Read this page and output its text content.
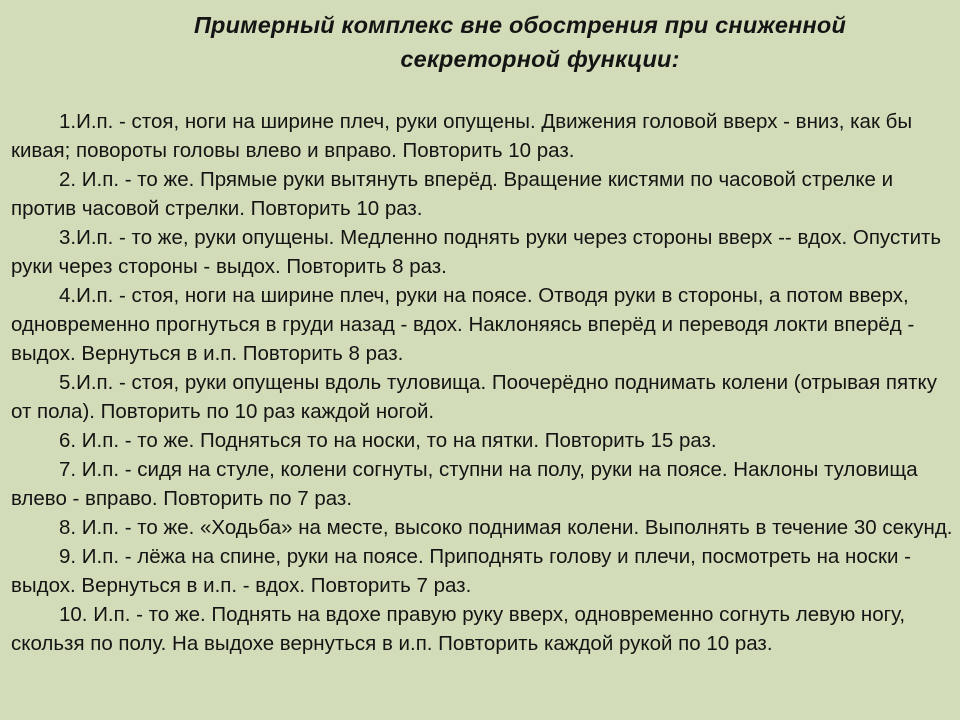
Примерный комплекс вне обострения при сниженной
секреторной функции:

1.И.п. - стоя, ноги на ширине плеч, руки опущены. Движения головой вверх - вниз, как бы кивая; повороты головы влево и вправо. Повторить 10 раз.

2. И.п. - то же. Прямые руки вытянуть вперёд. Вращение кистями по часовой стрелке и против часовой стрелки. Повторить 10 раз.

3.И.п. - то же, руки опущены. Медленно поднять руки через стороны вверх -- вдох. Опустить руки через стороны - выдох. Повторить 8 раз.

4.И.п. - стоя, ноги на ширине плеч, руки на поясе. Отводя руки в стороны, а потом вверх, одновременно прогнуться в груди назад - вдох. Наклоняясь вперёд и переводя локти вперёд - выдох. Вернуться в и.п. Повторить 8 раз.

5.И.п. - стоя, руки опущены вдоль туловища. Поочерёдно поднимать колени (отрывая пятку от пола). Повторить по 10 раз каждой ногой.

6. И.п. - то же. Подняться то на носки, то на пятки. Повторить 15 раз.

7. И.п. - сидя на стуле, колени согнуты, ступни на полу, руки на поясе. Наклоны туловища влево - вправо. Повторить по 7 раз.

8. И.п. - то же. «Ходьба» на месте, высоко поднимая колени. Выполнять в течение 30 секунд.

9. И.п. - лёжа на спине, руки на поясе. Приподнять голову и плечи, посмотреть на носки - выдох. Вернуться в и.п. - вдох. Повторить 7 раз.

10. И.п. - то же. Поднять на вдохе правую руку вверх, одновременно согнуть левую ногу, скользя по полу. На выдохе вернуться в и.п. Повторить каждой рукой по 10 раз.
